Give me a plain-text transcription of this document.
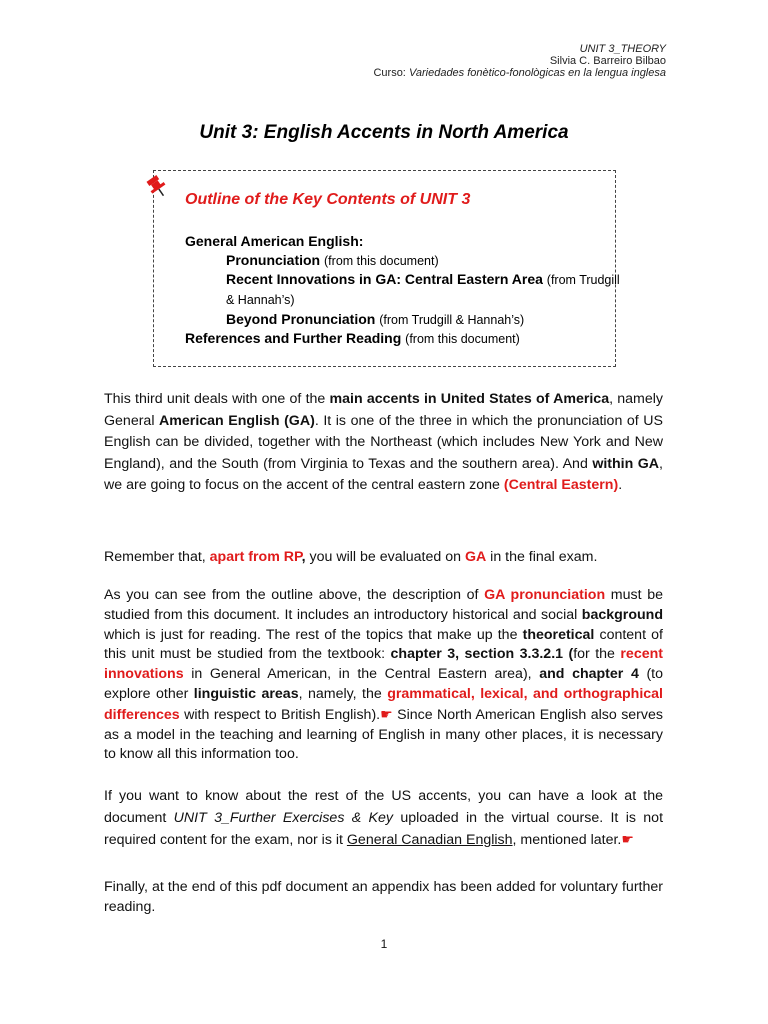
UNIT 3_THEORY
Silvia C. Barreiro Bilbao
Curso: Variedades fonètico-fonològicas en la lengua inglesa
Unit 3: English Accents in North America
Outline of the Key Contents of UNIT 3
General American English:
Pronunciation (from this document)
Recent Innovations in GA: Central Eastern Area (from Trudgill
& Hannah’s)
Beyond Pronunciation (from Trudgill & Hannah’s)
References and Further Reading (from this document)
This third unit deals with one of the main accents in United States of America, namely General American English (GA). It is one of the three in which the pronunciation of US English can be divided, together with the Northeast (which includes New York and New England), and the South (from Virginia to Texas and the southern area). And within GA, we are going to focus on the accent of the central eastern zone (Central Eastern).
Remember that, apart from RP, you will be evaluated on GA in the final exam.
As you can see from the outline above, the description of GA pronunciation must be studied from this document. It includes an introductory historical and social background which is just for reading. The rest of the topics that make up the theoretical content of this unit must be studied from the textbook: chapter 3, section 3.3.2.1 (for the recent innovations in General American, in the Central Eastern area), and chapter 4 (to explore other linguistic areas, namely, the grammatical, lexical, and orthographical differences with respect to British English).☛ Since North American English also serves as a model in the teaching and learning of English in many other places, it is necessary to know all this information too.
If you want to know about the rest of the US accents, you can have a look at the document UNIT 3_Further Exercises & Key uploaded in the virtual course. It is not required content for the exam, nor is it General Canadian English, mentioned later.☛
Finally, at the end of this pdf document an appendix has been added for voluntary further reading.
1
